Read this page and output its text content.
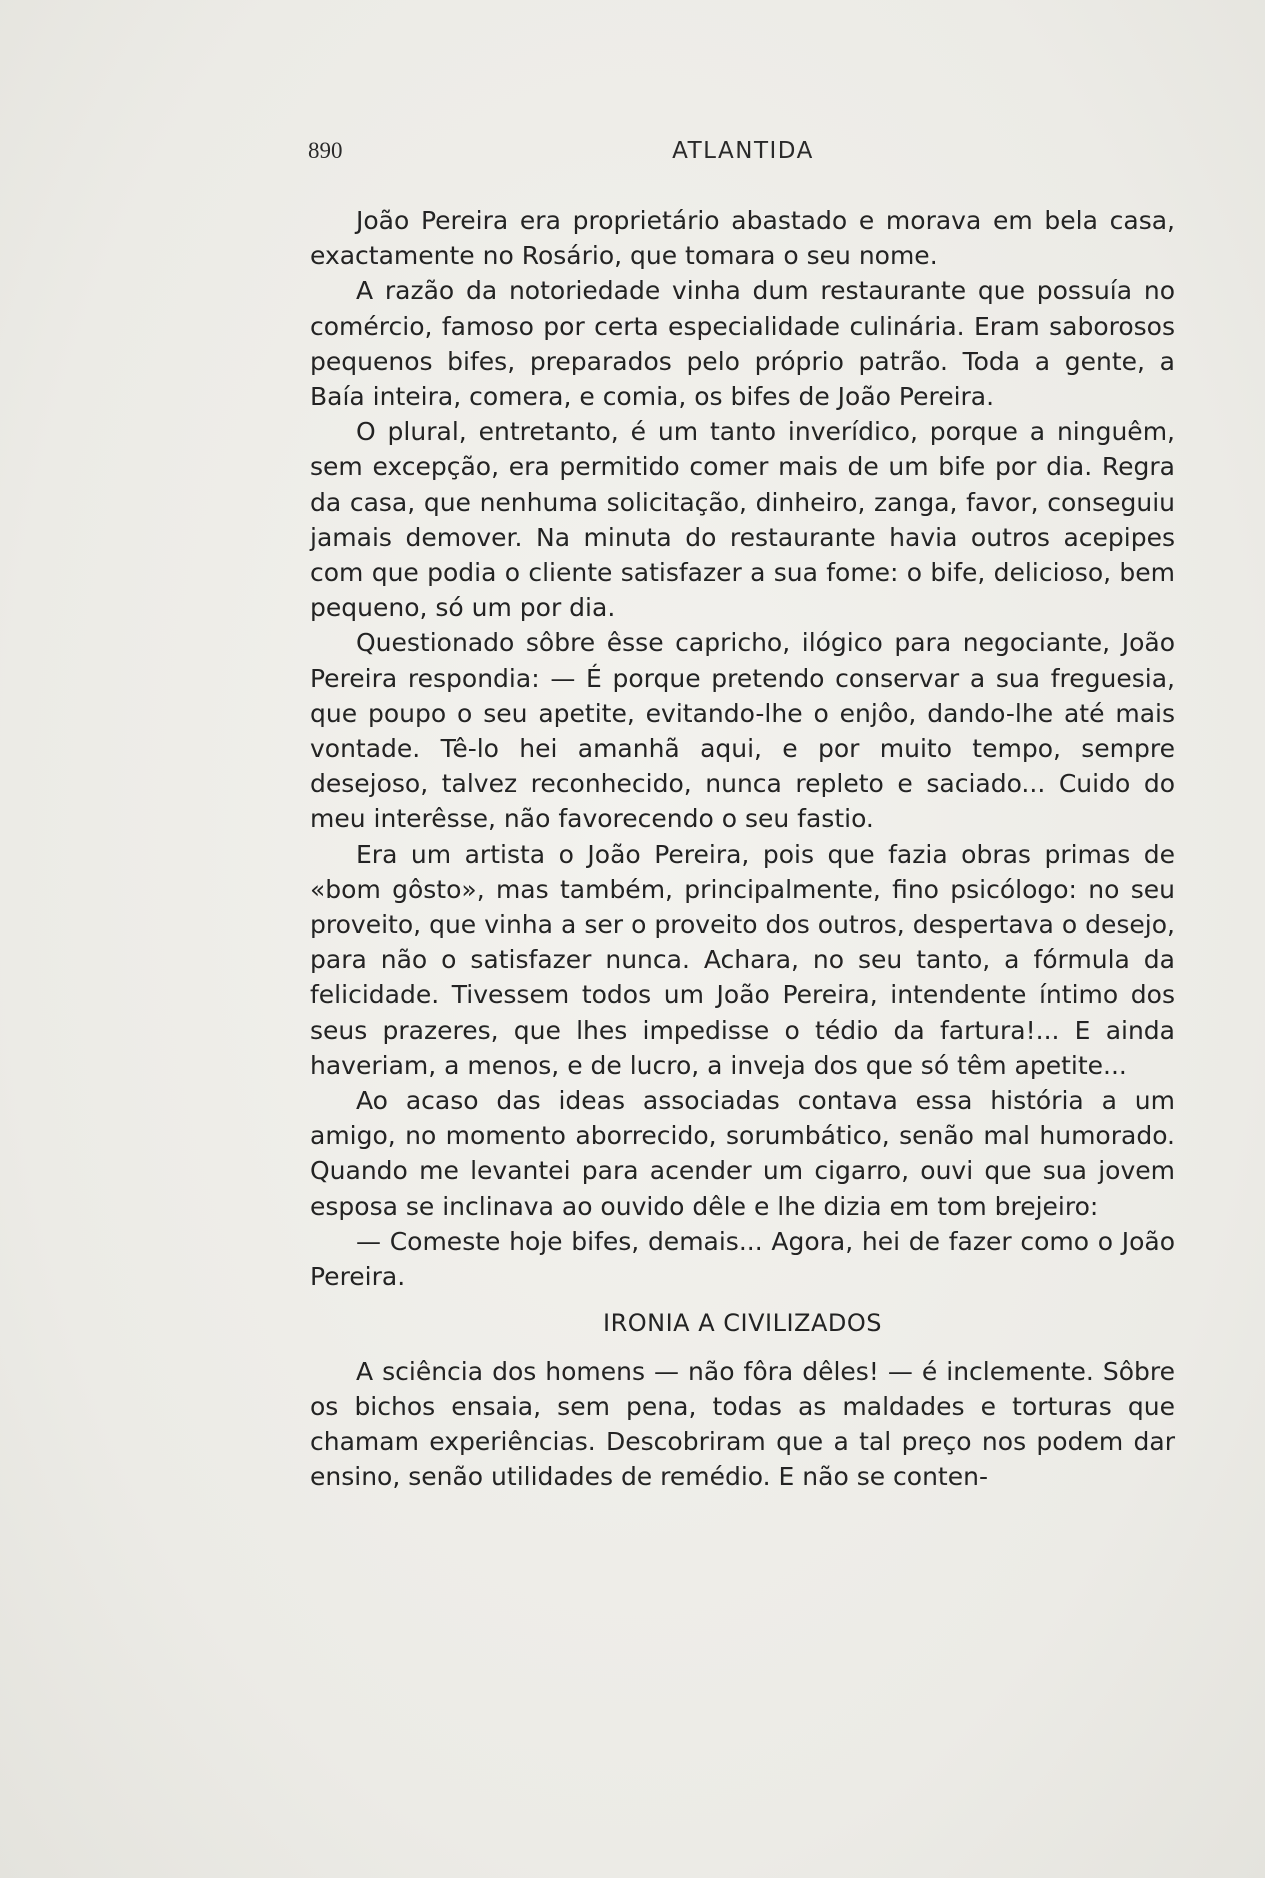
890	ATLANTIDA

João Pereira era proprietário abastado e morava em bela casa, exactamente no Rosário, que tomara o seu nome.

A razão da notoriedade vinha dum restaurante que possuía no comércio, famoso por certa especialidade culinária. Eram saborosos pequenos bifes, preparados pelo próprio patrão. Toda a gente, a Baía inteira, comera, e comia, os bifes de João Pereira.

O plural, entretanto, é um tanto inverídico, porque a ninguêm, sem excepção, era permitido comer mais de um bife por dia. Regra da casa, que nenhuma solicitação, dinheiro, zanga, favor, conseguiu jamais demover. Na minuta do restaurante havia outros acepipes com que podia o cliente satisfazer a sua fome: o bife, delicioso, bem pequeno, só um por dia.

Questionado sôbre êsse capricho, ilógico para negociante, João Pereira respondia: — É porque pretendo conservar a sua freguesia, que poupo o seu apetite, evitando-lhe o enjôo, dando-lhe até mais vontade. Tê-lo hei amanhã aqui, e por muito tempo, sempre desejoso, talvez reconhecido, nunca repleto e saciado... Cuido do meu interêsse, não favorecendo o seu fastio.

Era um artista o João Pereira, pois que fazia obras primas de «bom gôsto», mas também, principalmente, fino psicólogo: no seu proveito, que vinha a ser o proveito dos outros, despertava o desejo, para não o satisfazer nunca. Achara, no seu tanto, a fórmula da felicidade. Tivessem todos um João Pereira, intendente íntimo dos seus prazeres, que lhes impedisse o tédio da fartura!... E ainda haveriam, a menos, e de lucro, a inveja dos que só têm apetite...

Ao acaso das ideas associadas contava essa história a um amigo, no momento aborrecido, sorumbático, senão mal humorado. Quando me levantei para acender um cigarro, ouvi que sua jovem esposa se inclinava ao ouvido dêle e lhe dizia em tom brejeiro:

— Comeste hoje bifes, demais... Agora, hei de fazer como o João Pereira.

IRONIA A CIVILIZADOS

A sciência dos homens — não fôra dêles! — é inclemente. Sôbre os bichos ensaia, sem pena, todas as maldades e torturas que chamam experiências. Descobriram que a tal preço nos podem dar ensino, senão utilidades de remédio. E não se conten-
